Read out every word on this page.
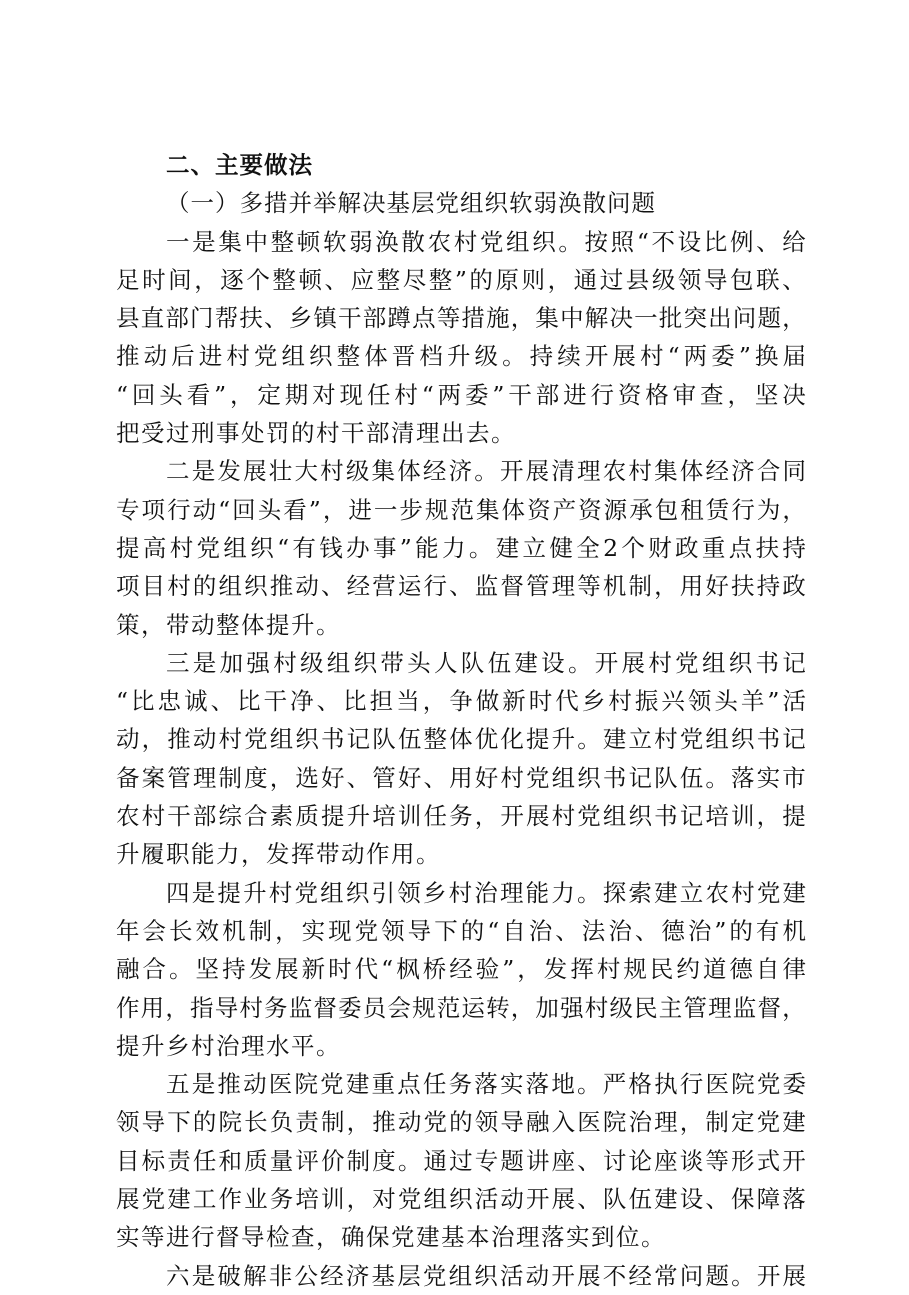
二、主要做法
（一）多措并举解决基层党组织软弱涣散问题
一 是 集 中 整 顿 软 弱 涣 散 农 村 党 组 织 。 按 照 “ 不 设 比 例 、 给
足 时 间 ， 逐 个 整 顿 、 应 整 尽 整 ” 的 原 则 ， 通 过 县 级 领 导 包 联 、
县 直 部 门 帮 扶 、 乡 镇 干 部 蹲 点 等 措 施 ， 集 中 解 决 一 批 突 出 问 题 ，
推 动 后 进 村 党 组 织 整 体 晋 档 升 级 。 持 续 开 展 村 “ 两 委 ” 换 届
“ 回 头 看 ” ， 定 期 对 现 任 村 “ 两 委 ” 干 部 进 行 资 格 审 查 ， 坚 决
把受过刑事处罚的村干部清理出去。
二 是 发 展 壮 大 村 级 集 体 经 济 。 开 展 清 理 农 村 集 体 经 济 合 同
专 项 行 动 “ 回 头 看 ” ， 进 一 步 规 范 集 体 资 产 资 源 承 包 租 赁 行 为 ，
提 高 村 党 组 织 “ 有 钱 办 事 ” 能 力 。 建 立 健 全 2 个 财 政 重 点 扶 持
项 目 村 的 组 织 推 动 、 经 营 运 行 、 监 督 管 理 等 机 制 ， 用 好 扶 持 政
策，带动整体提升。
三 是 加 强 村 级 组 织 带 头 人 队 伍 建 设 。 开 展 村 党 组 织 书 记
“ 比 忠 诚 、 比 干 净 、 比 担 当 ， 争 做 新 时 代 乡 村 振 兴 领 头 羊 ” 活
动 ， 推 动 村 党 组 织 书 记 队 伍 整 体 优 化 提 升 。 建 立 村 党 组 织 书 记
备 案 管 理 制 度 ， 选 好 、 管 好 、 用 好 村 党 组 织 书 记 队 伍 。 落 实 市
农 村 干 部 综 合 素 质 提 升 培 训 任 务 ， 开 展 村 党 组 织 书 记 培 训 ， 提
升履职能力，发挥带动作用。
四 是 提 升 村 党 组 织 引 领 乡 村 治 理 能 力 。 探 索 建 立 农 村 党 建
年 会 长 效 机 制 ， 实 现 党 领 导 下 的 “ 自 治 、 法 治 、 德 治 ” 的 有 机
融 合 。 坚 持 发 展 新 时 代 “ 枫 桥 经 验 ” ， 发 挥 村 规 民 约 道 德 自 律
作 用 ， 指 导 村 务 监 督 委 员 会 规 范 运 转 ， 加 强 村 级 民 主 管 理 监 督 ，
提升乡村治理水平。
五 是 推 动 医 院 党 建 重 点 任 务 落 实 落 地 。 严 格 执 行 医 院 党 委
领 导 下 的 院 长 负 责 制 ， 推 动 党 的 领 导 融 入 医 院 治 理 ， 制 定 党 建
目 标 责 任 和 质 量 评 价 制 度 。 通 过 专 题 讲 座 、 讨 论 座 谈 等 形 式 开
展 党 建 工 作 业 务 培 训 ， 对 党 组 织 活 动 开 展 、 队 伍 建 设 、 保 障 落
实等进行督导检查，确保党建基本治理落实到位。
六 是 破 解 非 公 经 济 基 层 党 组 织 活 动 开 展 不 经 常 问 题 。 开 展
